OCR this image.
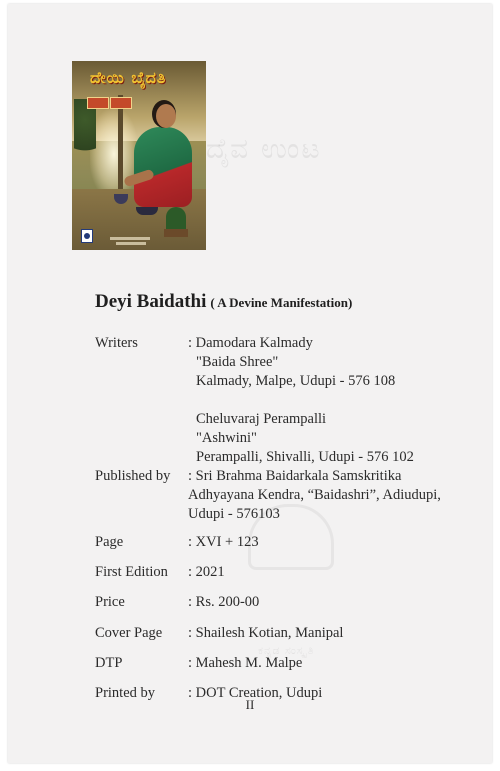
ದೈವ ಉಂಟ
ಕನ್ನಡ ಸಂಸ್ಕೃತಿ
ದೇಯಿ ಬೈದತಿ
Deyi Baidathi ( A Devine Manifestation)
Writers	: Damodara Kalmady
"Baida Shree"
Kalmady, Malpe, Udupi - 576 108
Cheluvaraj Perampalli
"Ashwini"
Perampalli, Shivalli, Udupi - 576 102
Published by	: Sri Brahma Baidarkala Samskritika
Adhyayana Kendra, “Baidashri”, Adiudupi,
Udupi - 576103
Page	: XVI + 123
First Edition	: 2021
Price	: Rs. 200-00
Cover Page	: Shailesh Kotian, Manipal
DTP	: Mahesh M. Malpe
Printed by	: DOT Creation, Udupi
II
